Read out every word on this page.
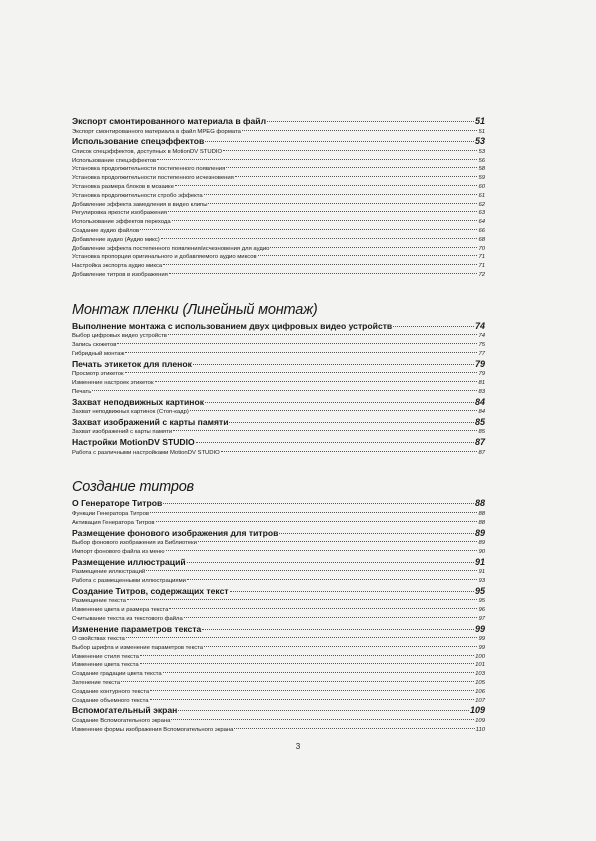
Экспорт смонтированного материала в файл	51
Экспорт смонтированного материала в файл MPEG формата	51
Использование спецэффектов	53
Список спецэффектов, доступных в MotionDV STUDIO	53
Использование спецэффектов	56
Установка продолжительности постепенного появления	58
Установка продолжительности постепенного исчезновения	59
Установка размера блоков в мозаике	60
Установка продолжительности стробо эффекта	61
Добавление эффекта замедления в видео клипы	62
Регулировка яркости изображения	63
Использование эффектов перехода	64
Создание аудио файлов	66
Добавление аудио (Аудио микс)	68
Добавление эффекта постепенного появления/исчезновения для аудио	70
Установка пропорции оригинального и добавляемого аудио миксов	71
Настройка экспорта аудио микса	71
Добавление титров в изображения	72
Монтаж пленки (Линейный монтаж)
Выполнение монтажа с использованием двух цифровых видео устройств	74
Выбор цифровых видео устройств	74
Запись сюжетов	75
Гибридный монтаж	77
Печать этикеток для пленок	79
Просмотр этикеток	79
Изменение настроек этикеток	81
Печать	83
Захват неподвижных картинок	84
Захват неподвижных картинок (Стоп-кадр)	84
Захват изображений с карты памяти	85
Захват изображений с карты памяти	85
Настройки MotionDV STUDIO	87
Работа с различными настройками MotionDV STUDIO	87
Создание титров
О Генераторе Титров	88
Функции Генератора Титров	88
Активация Генератора Титров	88
Размещение фонового изображения для титров	89
Выбор фонового изображения из Библиотеки	89
Импорт фонового файла из меню	90
Размещение иллюстраций	91
Размещение иллюстраций	91
Работа с размещенными иллюстрациями	93
Создание Титров, содержащих текст	95
Размещение текста	95
Изменение цвета и размера текста	96
Считывание текста из текстового файла	97
Изменение параметров текста	99
О свойствах текста	99
Выбор шрифта и изменение параметров текста	99
Изменение стиля текста	100
Изменение цвета текста	101
Создание градации цвета текста	103
Затенение текста	105
Создание контурного текста	106
Создание объемного текста	107
Вспомогательный экран	109
Создание Вспомогательного экрана	109
Изменение формы изображения Вспомогательного экрана	110
3
